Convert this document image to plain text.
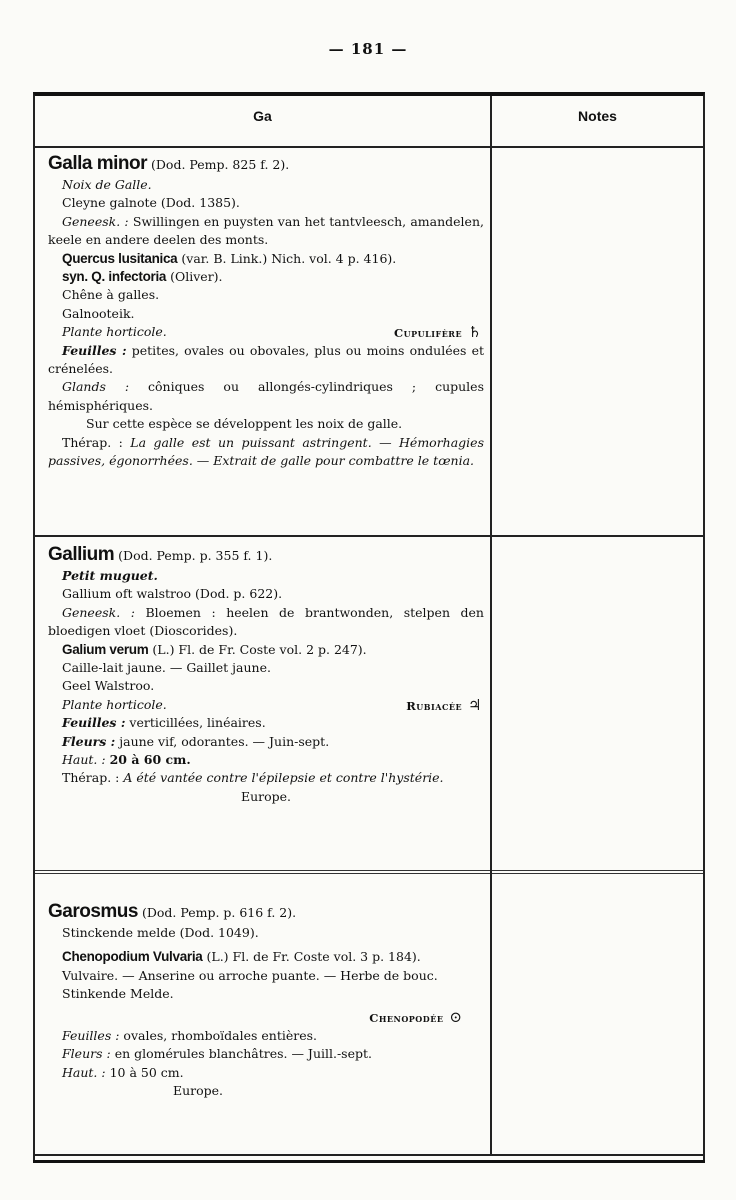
— 181 —
Ga	Notes
Galla minor (Dod. Pemp. 825 f. 2).
Noix de Galle.
Cleyne galnote (Dod. 1385).
Geneesk. : Swillingen en puysten van het tantvleesch, amandelen, keele en andere deelen des monts.
Quercus lusitanica (var. B. Link.) Nich. vol. 4 p. 416).
syn. Q. infectoria (Oliver).
Chêne à galles.
Galnooteik.
Plante horticole.	Cupulifère ♄
Feuilles : petites, ovales ou obovales, plus ou moins ondulées et crénelées.
Glands : côniques ou allongés-cylindriques ; cupules hémisphériques.
Sur cette espèce se développent les noix de galle.
Thérap. : La galle est un puissant astringent. — Hémorhagies passives, égonorrhées. — Extrait de galle pour combattre le tœnia.
Gallium (Dod. Pemp. p. 355 f. 1).
Petit muguet.
Gallium oft walstroo (Dod. p. 622).
Geneesk. : Bloemen : heelen de brantwonden, stelpen den bloedigen vloet (Dioscorides).
Galium verum (L.) Fl. de Fr. Coste vol. 2 p. 247).
Caille-lait jaune. — Gaillet jaune.
Geel Walstroo.
Plante horticole.	Rubiacée ♃
Feuilles : verticillées, linéaires.
Fleurs : jaune vif, odorantes. — Juin-sept.
Haut. : 20 à 60 cm.
Thérap. : A été vantée contre l'épilepsie et contre l'hystérie.
Europe.
Garosmus (Dod. Pemp. p. 616 f. 2).
Stinckende melde (Dod. 1049).
Chenopodium Vulvaria (L.) Fl. de Fr. Coste vol. 3 p. 184).
Vulvaire. — Anserine ou arroche puante. — Herbe de bouc.
Stinkende Melde.
Chenopodée ⊙
Feuilles : ovales, rhomboïdales entières.
Fleurs : en glomérules blanchâtres. — Juill.-sept.
Haut. : 10 à 50 cm.
Europe.
